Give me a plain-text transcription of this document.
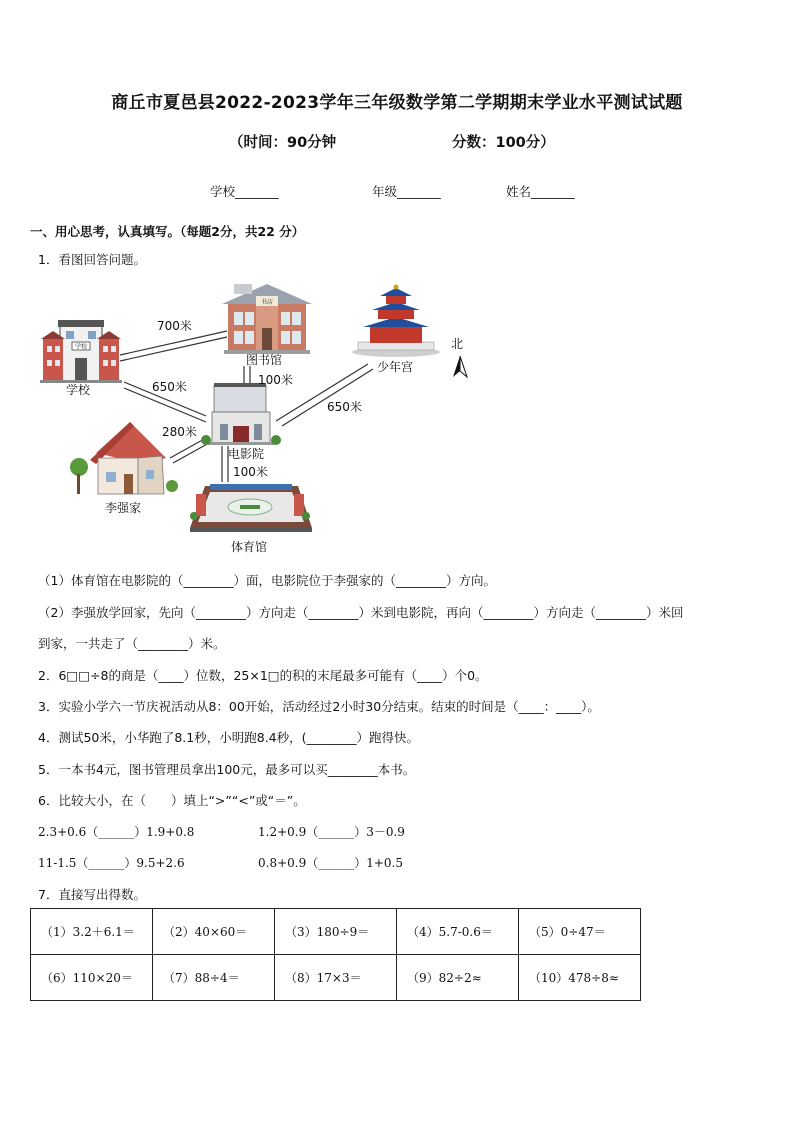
商丘市夏邑县2022-2023学年三年级数学第二学期期末学业水平测试试题
（时间：90分钟	分数：100分）
学校_______	年级_______	姓名_______
一、用心思考，认真填写。（每题2分，共22 分）
1．看图回答问题。
书店
图书馆
学校
学校
少年宫
北
电影院
李强家
体育馆
700米
650米	100米
650米
280米
100米
（1）体育馆在电影院的（________）面，电影院位于李强家的（________）方向。
（2）李强放学回家，先向（________）方向走（________）米到电影院，再向（________）方向走（________）米回
到家，一共走了（________）米。
2．6□□÷8的商是（____）位数，25×1□的积的末尾最多可能有（____）个0。
3．实验小学六一节庆祝活动从8：00开始，活动经过2小时30分结束。结束的时间是（____：____）。
4．测试50米，小华跑了8.1秒，小明跑8.4秒，(________）跑得快。
5．一本书4元，图书管理员拿出100元，最多可以买________本书。
6．比较大小，在（　　）填上“>”“<”或“＝”。
2.3+0.6（______）1.9+0.8	1.2+0.9（______）3－0.9
11-1.5（______）9.5+2.6	0.8+0.9（______）1+0.5
7．直接写出得数。
（1）3.2＋6.1＝	（2）40×60＝	（3）180÷9＝	（4）5.7-0.6＝	（5）0÷47＝
（6）110×20＝	（7）88÷4＝	（8）17×3＝	（9）82÷2≈	（10）478÷8≈
